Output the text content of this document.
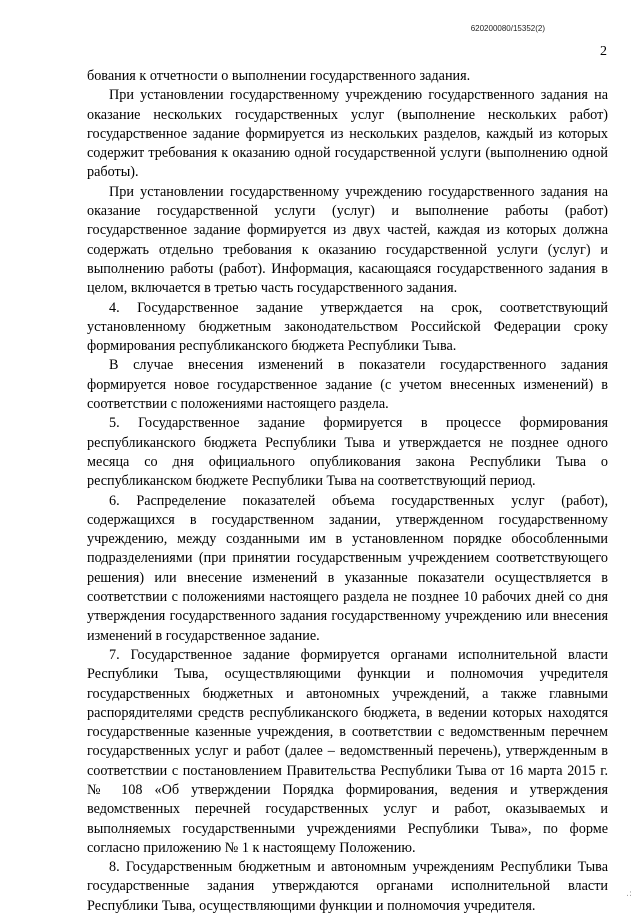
620200080/15352(2)
2

бования к отчетности о выполнении государственного задания.

При установлении государственному учреждению государственного задания на оказание нескольких государственных услуг (выполнение нескольких работ) государственное задание формируется из нескольких разделов, каждый из которых содержит требования к оказанию одной государственной услуги (выполнению одной работы).

При установлении государственному учреждению государственного задания на оказание государственной услуги (услуг) и выполнение работы (работ) государственное задание формируется из двух частей, каждая из которых должна содержать отдельно требования к оказанию государственной услуги (услуг) и выполнению работы (работ). Информация, касающаяся государственного задания в целом, включается в третью часть государственного задания.

4. Государственное задание утверждается на срок, соответствующий установленному бюджетным законодательством Российской Федерации сроку формирования республиканского бюджета Республики Тыва.

В случае внесения изменений в показатели государственного задания формируется новое государственное задание (с учетом внесенных изменений) в соответствии с положениями настоящего раздела.

5. Государственное задание формируется в процессе формирования республиканского бюджета Республики Тыва и утверждается не позднее одного месяца со дня официального опубликования закона Республики Тыва о республиканском бюджете Республики Тыва на соответствующий период.

6. Распределение показателей объема государственных услуг (работ), содержащихся в государственном задании, утвержденном государственному учреждению, между созданными им в установленном порядке обособленными подразделениями (при принятии государственным учреждением соответствующего решения) или внесение изменений в указанные показатели осуществляется в соответствии с положениями настоящего раздела не позднее 10 рабочих дней со дня утверждения государственного задания государственному учреждению или внесения изменений в государственное задание.

7. Государственное задание формируется органами исполнительной власти Республики Тыва, осуществляющими функции и полномочия учредителя государственных бюджетных и автономных учреждений, а также главными распорядителями средств республиканского бюджета, в ведении которых находятся государственные казенные учреждения, в соответствии с ведомственным перечнем государственных услуг и работ (далее – ведомственный перечень), утвержденным в соответствии с постановлением Правительства Республики Тыва от 16 марта 2015 г. № 108 «Об утверждении Порядка формирования, ведения и утверждения ведомственных перечней государственных услуг и работ, оказываемых и выполняемых государственными учреждениями Республики Тыва», по форме согласно приложению № 1 к настоящему Положению.

8. Государственным бюджетным и автономным учреждениям Республики Тыва государственные задания утверждаются органами исполнительной власти Республики Тыва, осуществляющими функции и полномочия учредителя.

.:
